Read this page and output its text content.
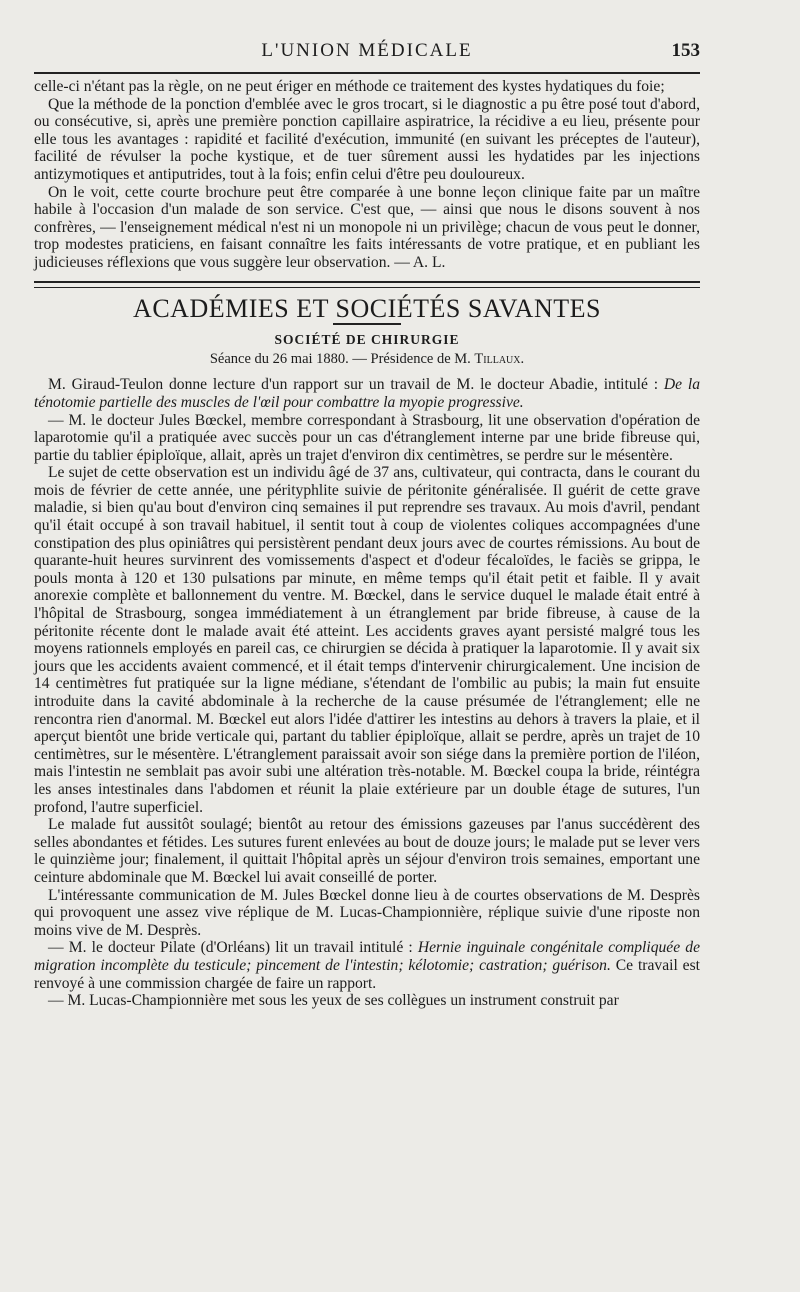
L'UNION MÉDICALE	153

celle-ci n'étant pas la règle, on ne peut ériger en méthode ce traitement des kystes hydatiques du foie;

Que la méthode de la ponction d'emblée avec le gros trocart, si le diagnostic a pu être posé tout d'abord, ou consécutive, si, après une première ponction capillaire aspiratrice, la récidive a eu lieu, présente pour elle tous les avantages : rapidité et facilité d'exécution, immunité (en suivant les préceptes de l'auteur), facilité de révulser la poche kystique, et de tuer sûrement aussi les hydatides par les injections antizymotiques et antiputrides, tout à la fois; enfin celui d'être peu douloureux.

On le voit, cette courte brochure peut être comparée à une bonne leçon clinique faite par un maître habile à l'occasion d'un malade de son service. C'est que, — ainsi que nous le disons souvent à nos confrères, — l'enseignement médical n'est ni un monopole ni un privilège; chacun de vous peut le donner, trop modestes praticiens, en faisant connaître les faits intéressants de votre pratique, et en publiant les judicieuses réflexions que vous suggère leur observation. — A. L.

ACADÉMIES ET SOCIÉTÉS SAVANTES
SOCIÉTÉ DE CHIRURGIE
Séance du 26 mai 1880. — Présidence de M. Tillaux.

M. Giraud-Teulon donne lecture d'un rapport sur un travail de M. le docteur Abadie, intitulé : De la ténotomie partielle des muscles de l'œil pour combattre la myopie progressive.

— M. le docteur Jules Bœckel, membre correspondant à Strasbourg, lit une observation d'opération de laparotomie qu'il a pratiquée avec succès pour un cas d'étranglement interne par une bride fibreuse qui, partie du tablier épiploïque, allait, après un trajet d'environ dix centimètres, se perdre sur le mésentère.

Le sujet de cette observation est un individu âgé de 37 ans, cultivateur, qui contracta, dans le courant du mois de février de cette année, une pérityphlite suivie de péritonite généralisée. Il guérit de cette grave maladie, si bien qu'au bout d'environ cinq semaines il put reprendre ses travaux. Au mois d'avril, pendant qu'il était occupé à son travail habituel, il sentit tout à coup de violentes coliques accompagnées d'une constipation des plus opiniâtres qui persistèrent pendant deux jours avec de courtes rémissions. Au bout de quarante-huit heures survinrent des vomissements d'aspect et d'odeur fécaloïdes, le faciès se grippa, le pouls monta à 120 et 130 pulsations par minute, en même temps qu'il était petit et faible. Il y avait anorexie complète et ballonnement du ventre. M. Bœckel, dans le service duquel le malade était entré à l'hôpital de Strasbourg, songea immédiatement à un étranglement par bride fibreuse, à cause de la péritonite récente dont le malade avait été atteint. Les accidents graves ayant persisté malgré tous les moyens rationnels employés en pareil cas, ce chirurgien se décida à pratiquer la laparotomie. Il y avait six jours que les accidents avaient commencé, et il était temps d'intervenir chirurgicalement. Une incision de 14 centimètres fut pratiquée sur la ligne médiane, s'étendant de l'ombilic au pubis; la main fut ensuite introduite dans la cavité abdominale à la recherche de la cause présumée de l'étranglement; elle ne rencontra rien d'anormal. M. Bœckel eut alors l'idée d'attirer les intestins au dehors à travers la plaie, et il aperçut bientôt une bride verticale qui, partant du tablier épiploïque, allait se perdre, après un trajet de 10 centimètres, sur le mésentère. L'étranglement paraissait avoir son siége dans la première portion de l'iléon, mais l'intestin ne semblait pas avoir subi une altération très-notable. M. Bœckel coupa la bride, réintégra les anses intestinales dans l'abdomen et réunit la plaie extérieure par un double étage de sutures, l'un profond, l'autre superficiel.

Le malade fut aussitôt soulagé; bientôt au retour des émissions gazeuses par l'anus succédèrent des selles abondantes et fétides. Les sutures furent enlevées au bout de douze jours; le malade put se lever vers le quinzième jour; finalement, il quittait l'hôpital après un séjour d'environ trois semaines, emportant une ceinture abdominale que M. Bœckel lui avait conseillé de porter.

L'intéressante communication de M. Jules Bœckel donne lieu à de courtes observations de M. Desprès qui provoquent une assez vive réplique de M. Lucas-Championnière, réplique suivie d'une riposte non moins vive de M. Desprès.

— M. le docteur Pilate (d'Orléans) lit un travail intitulé : Hernie inguinale congénitale compliquée de migration incomplète du testicule; pincement de l'intestin; kélotomie; castration; guérison. Ce travail est renvoyé à une commission chargée de faire un rapport.

— M. Lucas-Championnière met sous les yeux de ses collègues un instrument construit par
